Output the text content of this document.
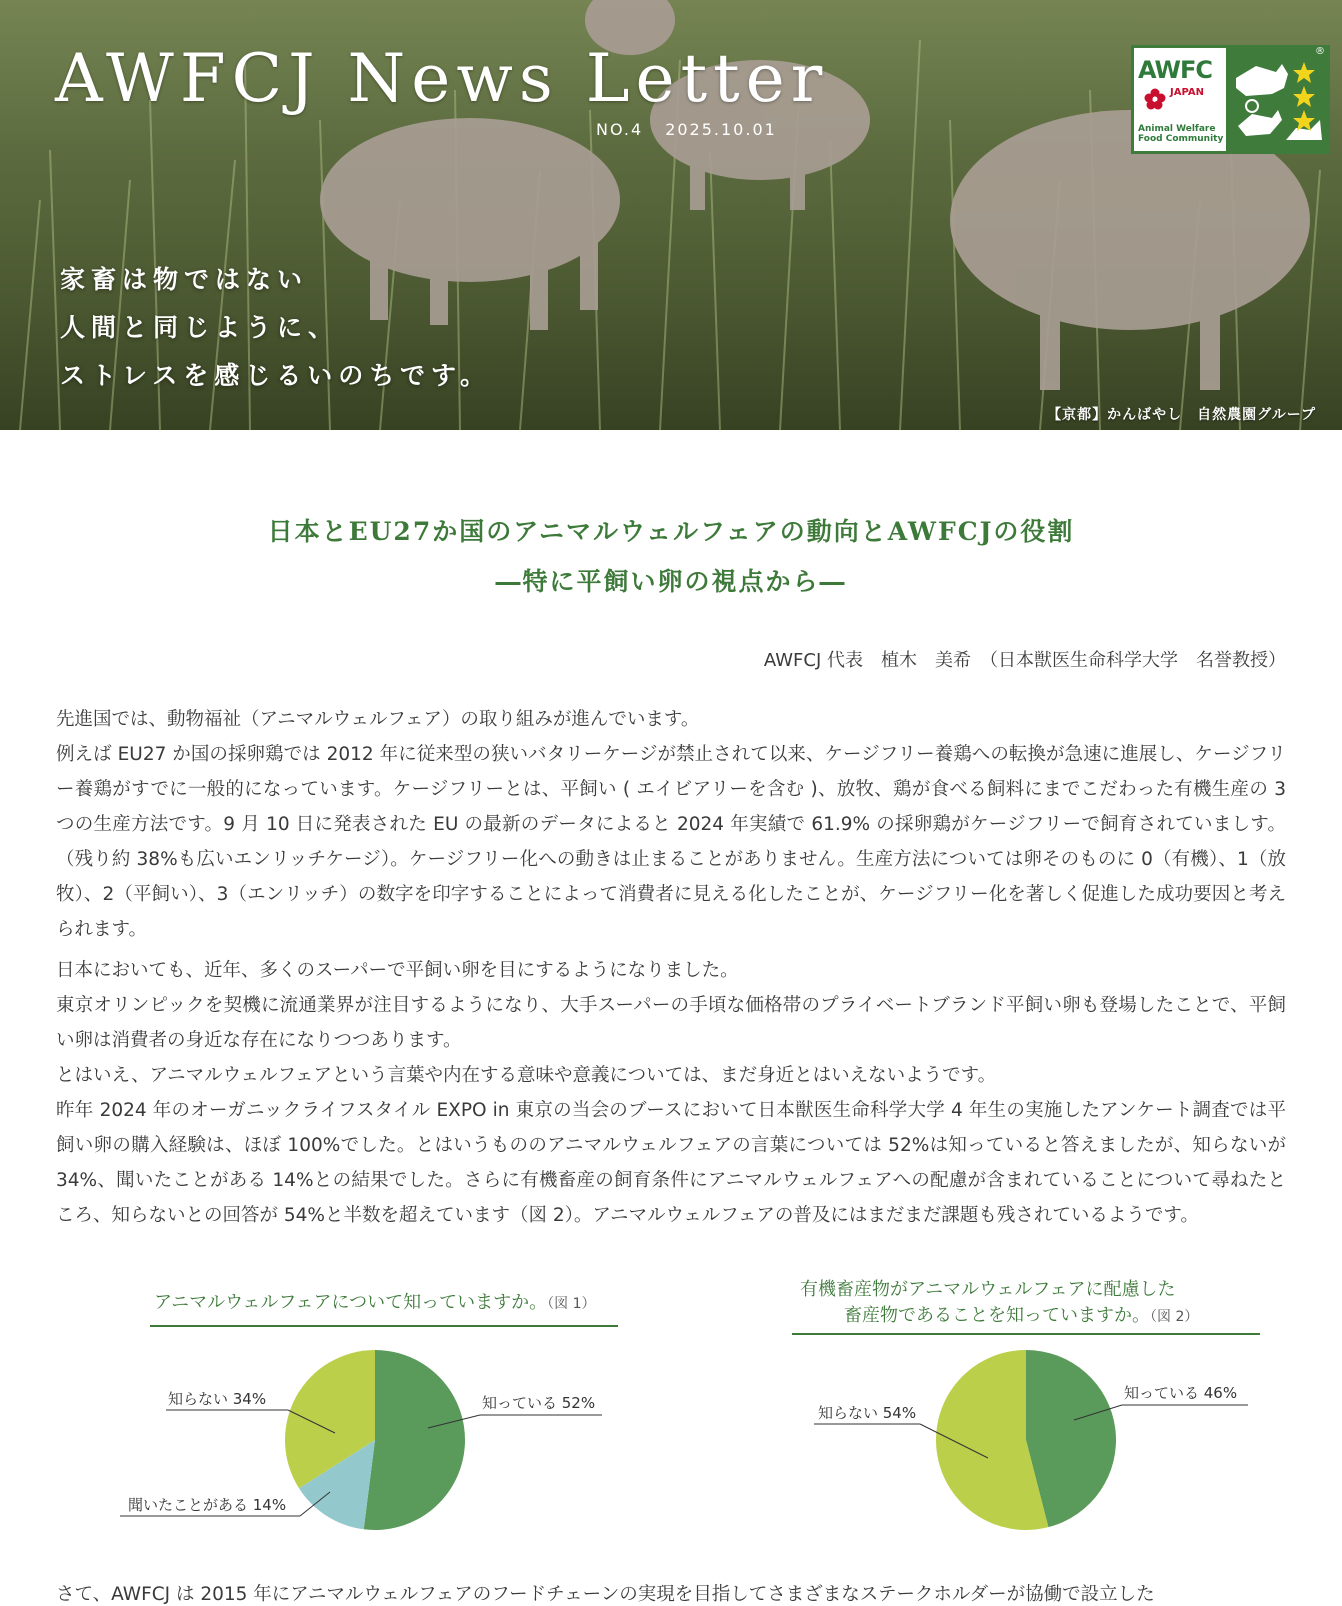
AWFCJ News Letter
NO.4 2025.10.01
家畜は物ではない
人間と同じように、
ストレスを感じるいのちです。
【京都】かんばやし　自然農園グループ
AWFC
JAPAN
Animal Welfare
Food Community
®
日本とEU27か国のアニマルウェルフェアの動向とAWFCJの役割
―特に平飼い卵の視点から―
AWFCJ 代表　植木　美希　（日本獣医生命科学大学　名誉教授）

先進国では、動物福祉（アニマルウェルフェア）の取り組みが進んでいます。

例えば EU27 か国の採卵鶏では 2012 年に従来型の狭いバタリーケージが禁止されて以来、ケージフリー養鶏への転換が急速に進展し、ケージフリー養鶏がすでに一般的になっています。ケージフリーとは、平飼い ( エイビアリーを含む )、放牧、鶏が食べる飼料にまでこだわった有機生産の 3 つの生産方法です。9 月 10 日に発表された EU の最新のデータによると 2024 年実績で 61.9% の採卵鶏がケージフリーで飼育されていましす。（残り約 38%も広いエンリッチケージ）。ケージフリー化への動きは止まることがありません。生産方法については卵そのものに 0（有機）、1（放牧）、2（平飼い）、3（エンリッチ）の数字を印字することによって消費者に見える化したことが、ケージフリー化を著しく促進した成功要因と考えられます。

日本においても、近年、多くのスーパーで平飼い卵を目にするようになりました。

東京オリンピックを契機に流通業界が注目するようになり、大手スーパーの手頃な価格帯のプライベートブランド平飼い卵も登場したことで、平飼い卵は消費者の身近な存在になりつつあります。

とはいえ、アニマルウェルフェアという言葉や内在する意味や意義については、まだ身近とはいえないようです。

昨年 2024 年のオーガニックライフスタイル EXPO in 東京の当会のブースにおいて日本獣医生命科学大学 4 年生の実施したアンケート調査では平飼い卵の購入経験は、ほぼ 100%でした。とはいうもののアニマルウェルフェアの言葉については 52%は知っていると答えましたが、知らないが 34%、聞いたことがある 14%との結果でした。さらに有機畜産の飼育条件にアニマルウェルフェアへの配慮が含まれていることについて尋ねたところ、知らないとの回答が 54%と半数を超えています（図 2）。アニマルウェルフェアの普及にはまだまだ課題も残されているようです。

アニマルウェルフェアについて知っていますか。（図 1）
有機畜産物がアニマルウェルフェアに配慮した
畜産物であることを知っていますか。（図 2）
知っている 52%
聞いたことがある 14%
知らない 34%	知っている 46%
知らない 54%
さて、AWFCJ は 2015 年にアニマルウェルフェアのフードチェーンの実現を目指してさまざまなステークホルダーが協働で設立した
